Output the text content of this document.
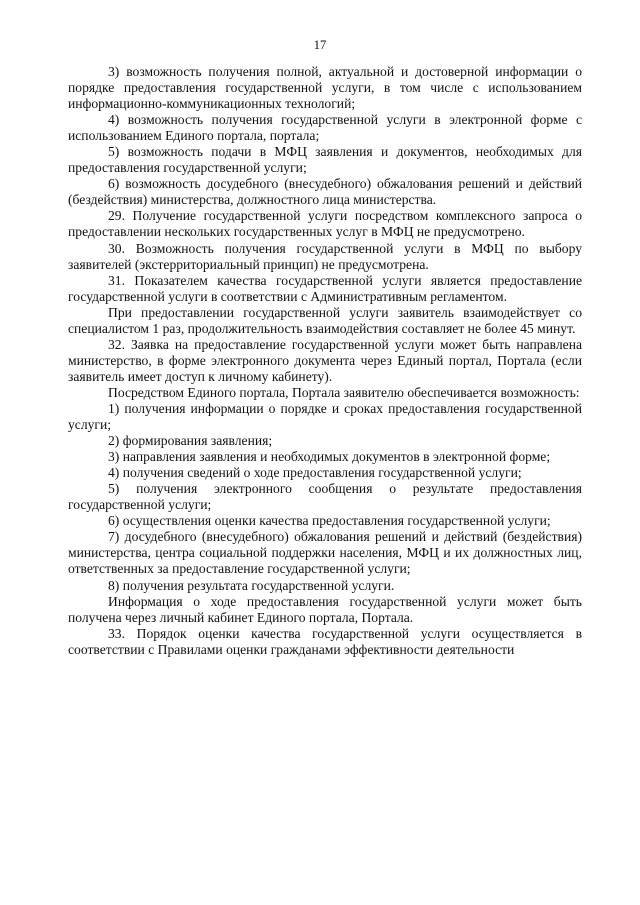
17

3) возможность получения полной, актуальной и достоверной информации о порядке предоставления государственной услуги, в том числе с использованием информационно-коммуникационных технологий;

4) возможность получения государственной услуги в электронной форме с использованием Единого портала, портала;

5) возможность подачи в МФЦ заявления и документов, необходимых для предоставления государственной услуги;

6) возможность досудебного (внесудебного) обжалования решений и действий (бездействия) министерства, должностного лица министерства.

29. Получение государственной услуги посредством комплексного запроса о предоставлении нескольких государственных услуг в МФЦ не предусмотрено.

30. Возможность получения государственной услуги в МФЦ по выбору заявителей (экстерриториальный принцип) не предусмотрена.

31. Показателем качества государственной услуги является предоставление государственной услуги в соответствии с Административным регламентом.

При предоставлении государственной услуги заявитель взаимодействует со специалистом 1 раз, продолжительность взаимодействия составляет не более 45 минут.

32. Заявка на предоставление государственной услуги может быть направлена министерство, в форме электронного документа через Единый портал, Портала (если заявитель имеет доступ к личному кабинету).

Посредством Единого портала, Портала заявителю обеспечивается возможность:

1) получения информации о порядке и сроках предоставления государственной услуги;

2) формирования заявления;

3) направления заявления и необходимых документов в электронной форме;

4) получения сведений о ходе предоставления государственной услуги;

5) получения электронного сообщения о результате предоставления государственной услуги;

6) осуществления оценки качества предоставления государственной услуги;

7) досудебного (внесудебного) обжалования решений и действий (бездействия) министерства, центра социальной поддержки населения, МФЦ и их должностных лиц, ответственных за предоставление государственной услуги;

8) получения результата государственной услуги.

Информация о ходе предоставления государственной услуги может быть получена через личный кабинет Единого портала, Портала.

33. Порядок оценки качества государственной услуги осуществляется в соответствии с Правилами оценки гражданами эффективности деятельности
